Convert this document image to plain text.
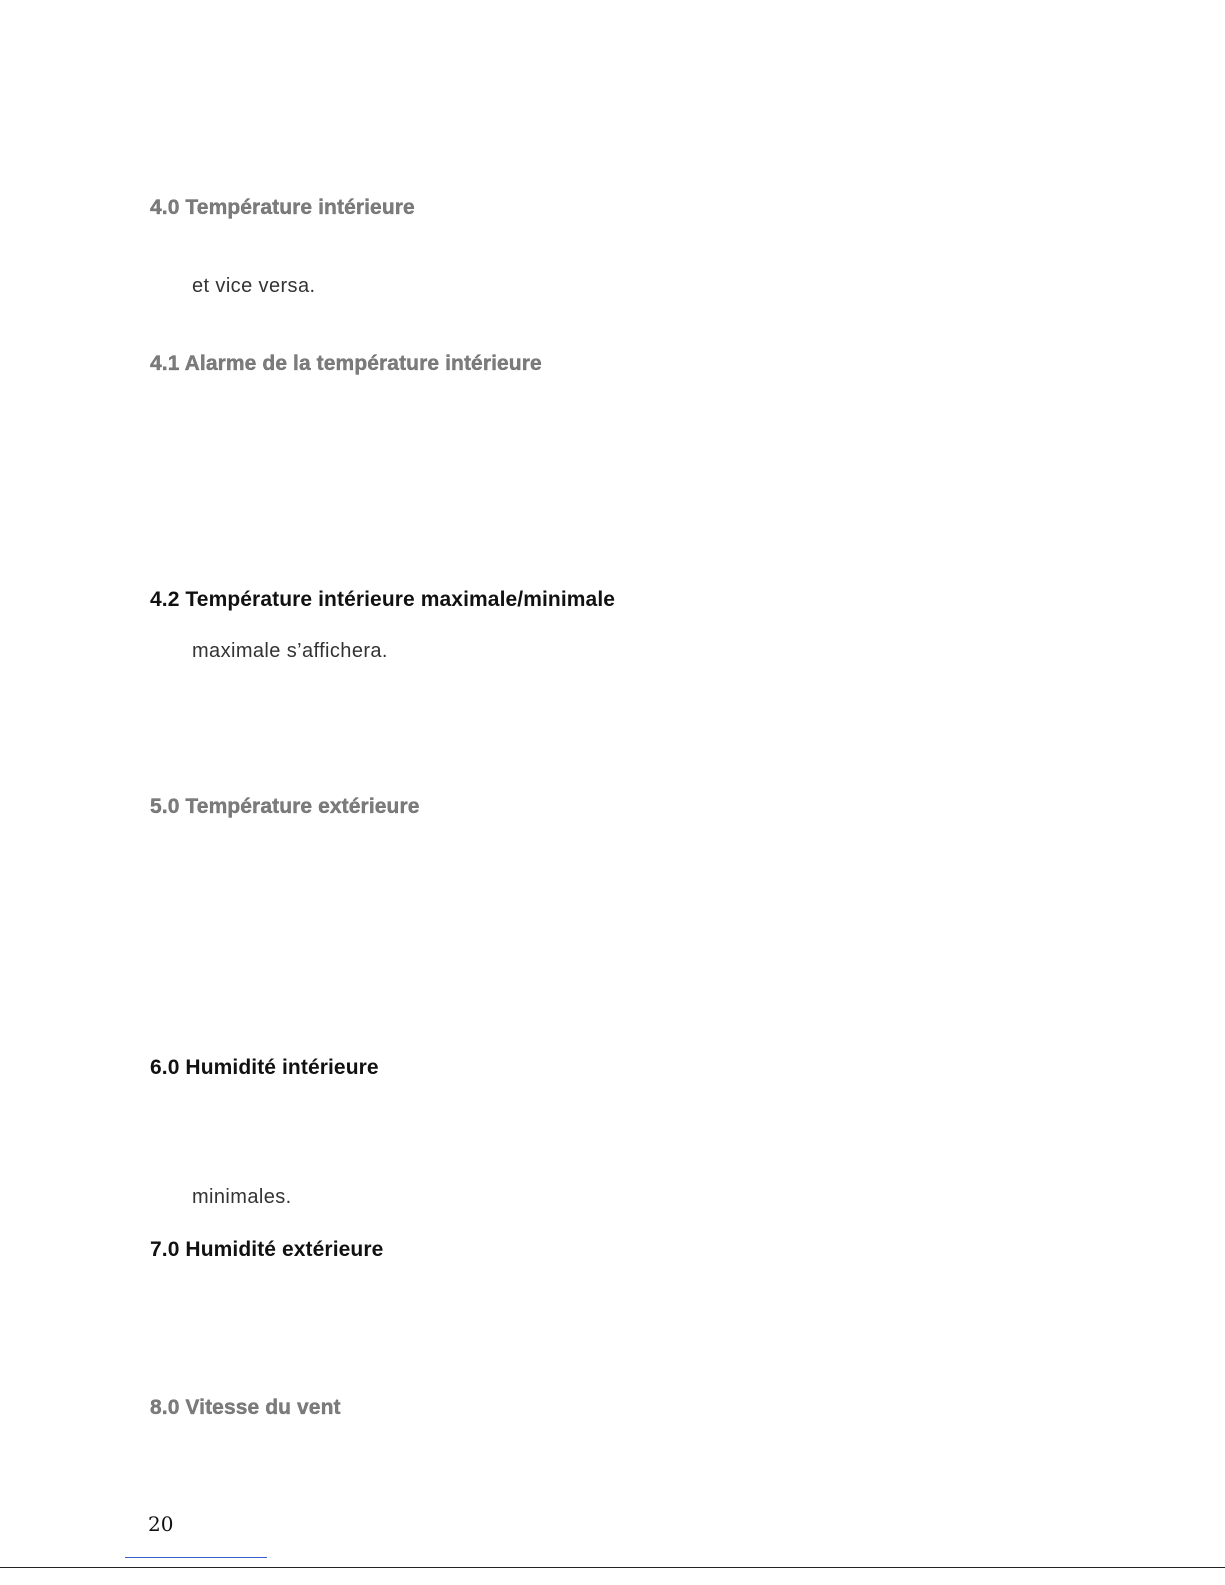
4.0 Température intérieure
et vice versa.
4.1 Alarme de la température intérieure
4.2 Température intérieure maximale/minimale
maximale s’affichera.
5.0 Température extérieure
6.0 Humidité intérieure
minimales.
7.0 Humidité extérieure
8.0 Vitesse du vent
20
